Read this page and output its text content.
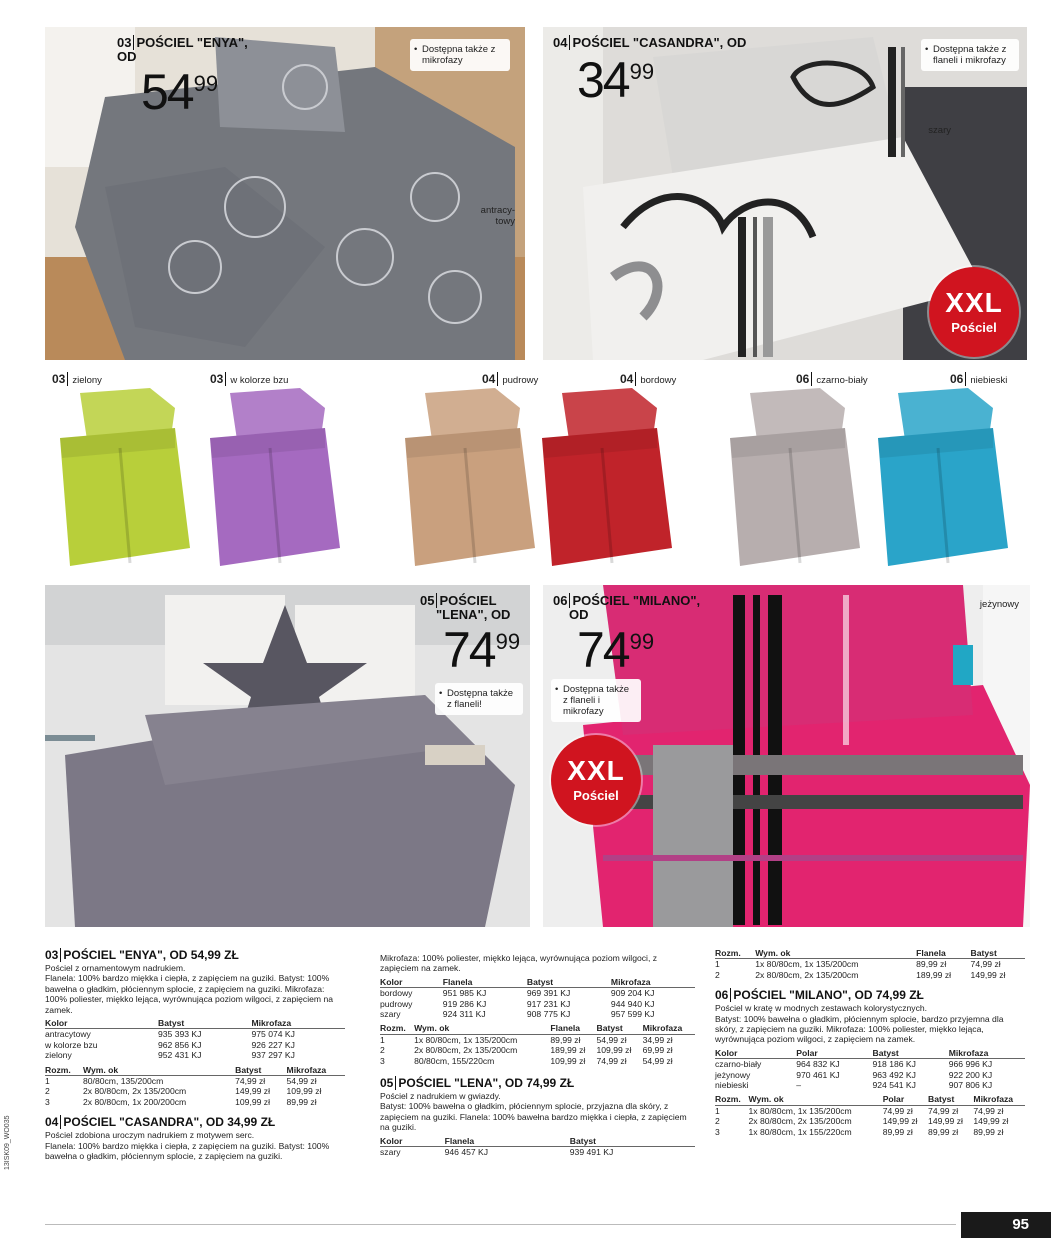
03 POŚCIEL "ENYA",
OD
5499
• Dostępna także z mikrofazy
antracy-towy
04 POŚCIEL "CASANDRA", OD
3499
• Dostępna także z flaneli i mikrofazy
szary
XXL
Pościel
03 zielony	03 w kolorze bzu	04 pudrowy	04 bordowy	06 czarno-biały	06 niebieski
05 POŚCIEL
"LENA", OD
7499
• Dostępna także z flaneli!
06 POŚCIEL "MILANO",
OD
7499
• Dostępna także z flaneli i mikrofazy
jeżynowy
XXL
Pościel
03 POŚCIEL "ENYA", OD 54,99 ZŁ

Pościel z ornamentowym nadrukiem.

Flanela: 100% bardzo miękka i ciepła, z zapięciem na guziki. Batyst: 100% bawełna o gładkim, płóciennym splocie, z zapięciem na guziki. Mikrofaza: 100% poliester, miękko lejąca, wyrównująca poziom wilgoci, z zapięciem na zamek.

Kolor	Batyst	Mikrofaza
antracytowy	935 393 KJ	975 074 KJ
w kolorze bzu	962 856 KJ	926 227 KJ
zielony	952 431 KJ	937 297 KJ
Rozm.	Wym. ok	Batyst	Mikrofaza
1	80/80cm, 135/200cm	74,99 zł	54,99 zł
2	2x 80/80cm, 2x 135/200cm	149,99 zł	109,99 zł
3	2x 80/80cm, 1x 200/200cm	109,99 zł	89,99 zł
04 POŚCIEL "CASANDRA", OD 34,99 ZŁ

Pościel zdobiona uroczym nadrukiem z motywem serc.

Flanela: 100% bardzo miękka i ciepła, z zapięciem na guziki. Batyst: 100% bawełna o gładkim, płóciennym splocie, z zapięciem na guziki.

Mikrofaza: 100% poliester, miękko lejąca, wyrównująca poziom wilgoci, z zapięciem na zamek.

Kolor	Flanela	Batyst	Mikrofaza
bordowy	951 985 KJ	969 391 KJ	909 204 KJ
pudrowy	919 286 KJ	917 231 KJ	944 940 KJ
szary	924 311 KJ	908 775 KJ	957 599 KJ
Rozm.	Wym. ok	Flanela	Batyst	Mikrofaza
1	1x 80/80cm, 1x 135/200cm	89,99 zł	54,99 zł	34,99 zł
2	2x 80/80cm, 2x 135/200cm	189,99 zł	109,99 zł	69,99 zł
3	80/80cm, 155/220cm	109,99 zł	74,99 zł	54,99 zł
05 POŚCIEL "LENA", OD 74,99 ZŁ

Pościel z nadrukiem w gwiazdy.

Batyst: 100% bawełna o gładkim, płóciennym splocie, przyjazna dla skóry, z zapięciem na guziki. Flanela: 100% bawełna bardzo miękka i ciepła, z zapięciem na guziki.

Kolor	Flanela	Batyst
szary	946 457 KJ	939 491 KJ
Rozm.	Wym. ok	Flanela	Batyst
1	1x 80/80cm, 1x 135/200cm	89,99 zł	74,99 zł
2	2x 80/80cm, 2x 135/200cm	189,99 zł	149,99 zł
06 POŚCIEL "MILANO", OD 74,99 ZŁ

Pościel w kratę w modnych zestawach kolorystycznych.

Batyst: 100% bawełna o gładkim, płóciennym splocie, bardzo przyjemna dla skóry, z zapięciem na guziki. Mikrofaza: 100% poliester, miękko lejąca, wyrównująca poziom wilgoci, z zapięciem na zamek.

Kolor	Polar	Batyst	Mikrofaza
czarno-biały	964 832 KJ	918 186 KJ	966 996 KJ
jeżynowy	970 461 KJ	963 492 KJ	922 200 KJ
niebieski	–	924 541 KJ	907 806 KJ
Rozm.	Wym. ok	Polar	Batyst	Mikrofaza
1	1x 80/80cm, 1x 135/200cm	74,99 zł	74,99 zł	74,99 zł
2	2x 80/80cm, 2x 135/200cm	149,99 zł	149,99 zł	149,99 zł
3	1x 80/80cm, 1x 155/220cm	89,99 zł	89,99 zł	89,99 zł
13ISK09_WO035
95
